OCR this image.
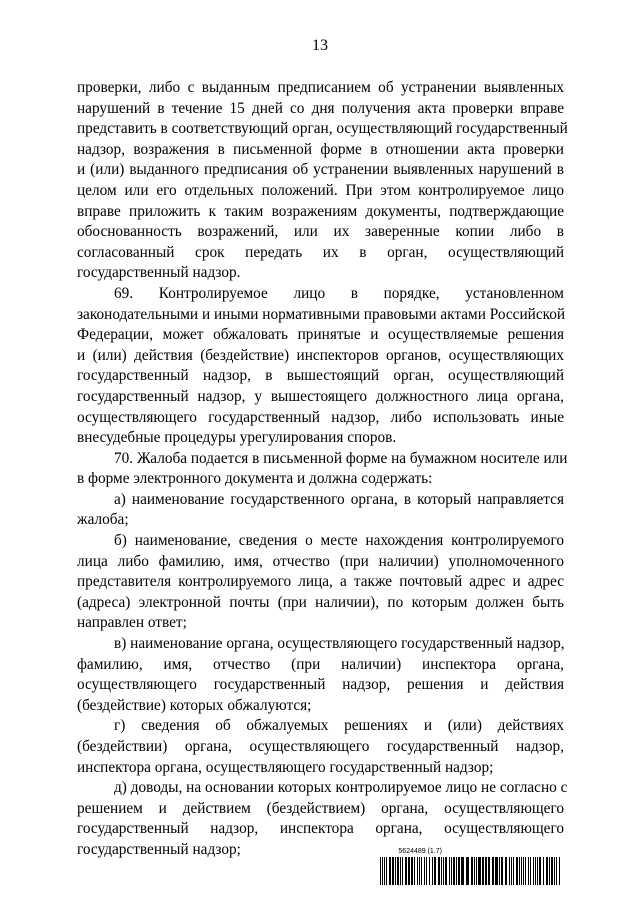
13
проверки, либо с выданным предписанием об устранении выявленных
нарушений в течение 15 дней со дня получения акта проверки вправе
представить в соответствующий орган, осуществляющий государственный
надзор, возражения в письменной форме в отношении акта проверки
и (или) выданного предписания об устранении выявленных нарушений в
целом или его отдельных положений. При этом контролируемое лицо
вправе приложить к таким возражениям документы, подтверждающие
обоснованность возражений, или их заверенные копии либо в
согласованный срок передать их в орган, осуществляющий
государственный надзор.
69. Контролируемое лицо в порядке, установленном
законодательными и иными нормативными правовыми актами Российской
Федерации, может обжаловать принятые и осуществляемые решения
и (или) действия (бездействие) инспекторов органов, осуществляющих
государственный надзор, в вышестоящий орган, осуществляющий
государственный надзор, у вышестоящего должностного лица органа,
осуществляющего государственный надзор, либо использовать иные
внесудебные процедуры урегулирования споров.
70. Жалоба подается в письменной форме на бумажном носителе или
в форме электронного документа и должна содержать:
а) наименование государственного органа, в который направляется
жалоба;
б) наименование, сведения о месте нахождения контролируемого
лица либо фамилию, имя, отчество (при наличии) уполномоченного
представителя контролируемого лица, а также почтовый адрес и адрес
(адреса) электронной почты (при наличии), по которым должен быть
направлен ответ;
в) наименование органа, осуществляющего государственный надзор,
фамилию, имя, отчество (при наличии) инспектора органа,
осуществляющего государственный надзор, решения и действия
(бездействие) которых обжалуются;
г) сведения об обжалуемых решениях и (или) действиях
(бездействии) органа, осуществляющего государственный надзор,
инспектора органа, осуществляющего государственный надзор;
д) доводы, на основании которых контролируемое лицо не согласно с
решением и действием (бездействием) органа, осуществляющего
государственный надзор, инспектора органа, осуществляющего
государственный надзор;	5624489 (1.7)
